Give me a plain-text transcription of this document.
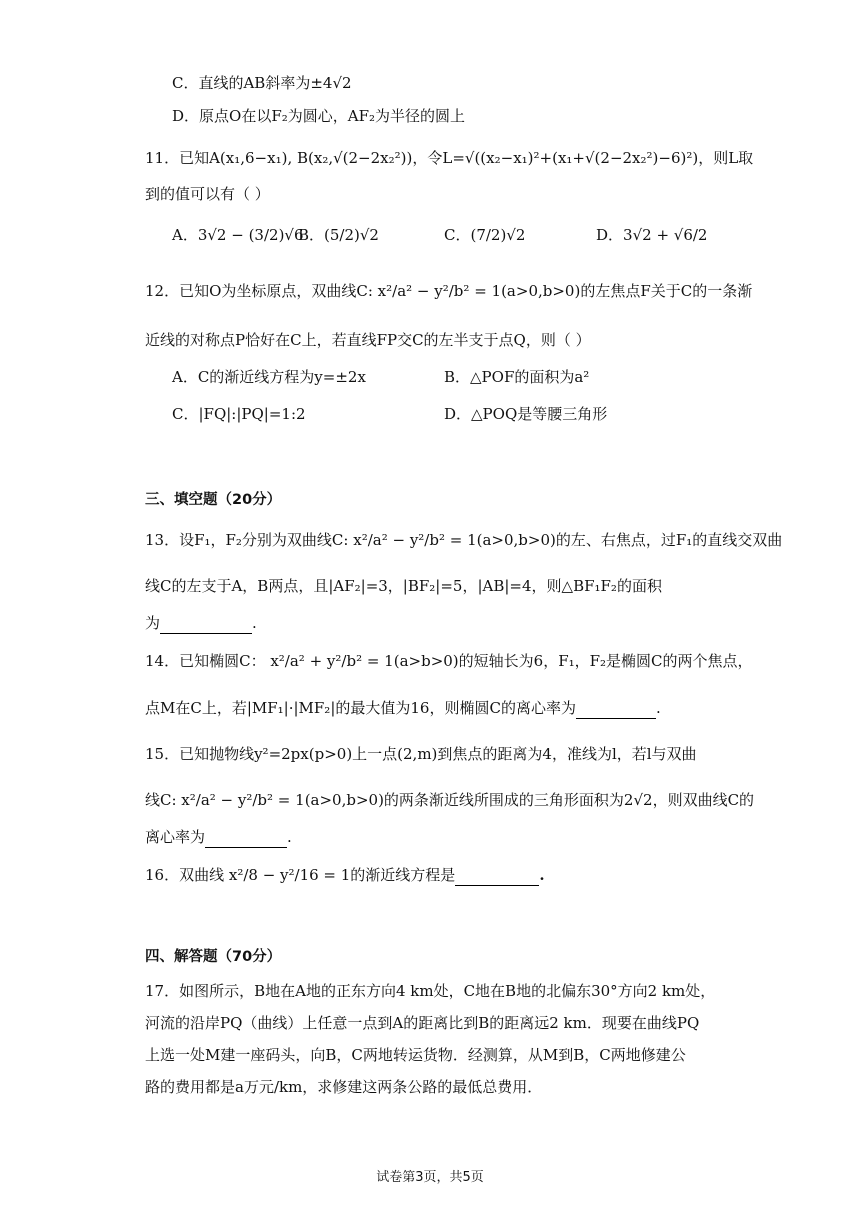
C．直线的AB斜率为±4√2
D．原点O在以F₂为圆心，AF₂为半径的圆上
11．已知A(x₁,6−x₁), B(x₂,√(2−2x₂²))，令L=√((x₂−x₁)²+(x₁+√(2−2x₂²)−6)²)，则L取
到的值可以有（ ）
A．3√2 − (3/2)√6
B．(5/2)√2	C．(7/2)√2	D．3√2 + √6/2
12．已知O为坐标原点，双曲线C: x²/a² − y²/b² = 1(a>0,b>0)的左焦点F关于C的一条渐
近线的对称点P恰好在C上，若直线FP交C的左半支于点Q，则（ ）
A．C的渐近线方程为y=±2x	B．△POF的面积为a²
C．|FQ|:|PQ|=1:2	D．△POQ是等腰三角形
三、填空题（20分）
13．设F₁，F₂分别为双曲线C: x²/a² − y²/b² = 1(a>0,b>0)的左、右焦点，过F₁的直线交双曲
线C的左支于A，B两点，且|AF₂|=3，|BF₂|=5，|AB|=4，则△BF₁F₂的面积
为	.
14．已知椭圆C： x²/a² + y²/b² = 1(a>b>0)的短轴长为6，F₁，F₂是椭圆C的两个焦点，
点M在C上，若|MF₁|·|MF₂|的最大值为16，则椭圆C的离心率为	.
15．已知抛物线y²=2px(p>0)上一点(2,m)到焦点的距离为4，准线为l，若l与双曲
线C: x²/a² − y²/b² = 1(a>0,b>0)的两条渐近线所围成的三角形面积为2√2，则双曲线C的
离心率为	.
16．双曲线 x²/8 − y²/16 = 1的渐近线方程是	.
四、解答题（70分）
17．如图所示，B地在A地的正东方向4 km处，C地在B地的北偏东30°方向2 km处，
河流的沿岸PQ（曲线）上任意一点到A的距离比到B的距离远2 km．现要在曲线PQ
上选一处M建一座码头，向B，C两地转运货物．经测算，从M到B，C两地修建公
路的费用都是a万元/km，求修建这两条公路的最低总费用．
试卷第3页，共5页
